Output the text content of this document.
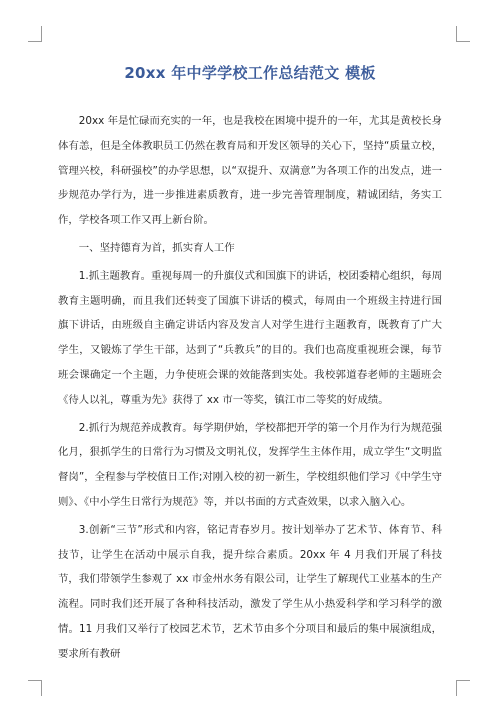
20xx 年中学学校工作总结范文 模板

20xx 年是忙碌而充实的一年，也是我校在困境中提升的一年，尤其是黄校长身体有恙，但是全体教职员工仍然在教育局和开发区领导的关心下，坚持“质量立校，管理兴校，科研强校”的办学思想，以“双提升、双满意”为各项工作的出发点，进一步规范办学行为，进一步推进素质教育，进一步完善管理制度，精诚团结，务实工作，学校各项工作又再上新台阶。

一、坚持德育为首，抓实育人工作

1.抓主题教育。重视每周一的升旗仪式和国旗下的讲话，校团委精心组织，每周教育主题明确，而且我们还转变了国旗下讲话的模式，每周由一个班级主持进行国旗下讲话，由班级自主确定讲话内容及发言人对学生进行主题教育，既教育了广大学生，又锻炼了学生干部，达到了“兵教兵”的目的。我们也高度重视班会课，每节班会课确定一个主题，力争使班会课的效能落到实处。我校郭道春老师的主题班会《待人以礼，尊重为先》获得了 xx 市一等奖，镇江市二等奖的好成绩。

2.抓行为规范养成教育。每学期伊始，学校都把开学的第一个月作为行为规范强化月，狠抓学生的日常行为习惯及文明礼仪，发挥学生主体作用，成立学生“文明监督岗”，全程参与学校值日工作;对刚入校的初一新生，学校组织他们学习《中学生守则》、《中小学生日常行为规范》等，并以书面的方式查效果，以求入脑入心。

3.创新“三节”形式和内容，铭记青春岁月。按计划举办了艺术节、体育节、科技节，让学生在活动中展示自我，提升综合素质。20xx 年 4 月我们开展了科技节，我们带领学生参观了 xx 市金州水务有限公司，让学生了解现代工业基本的生产流程。同时我们还开展了各种科技活动，激发了学生从小热爱科学和学习科学的激情。11 月我们又举行了校园艺术节，艺术节由多个分项目和最后的集中展演组成，要求所有教研
